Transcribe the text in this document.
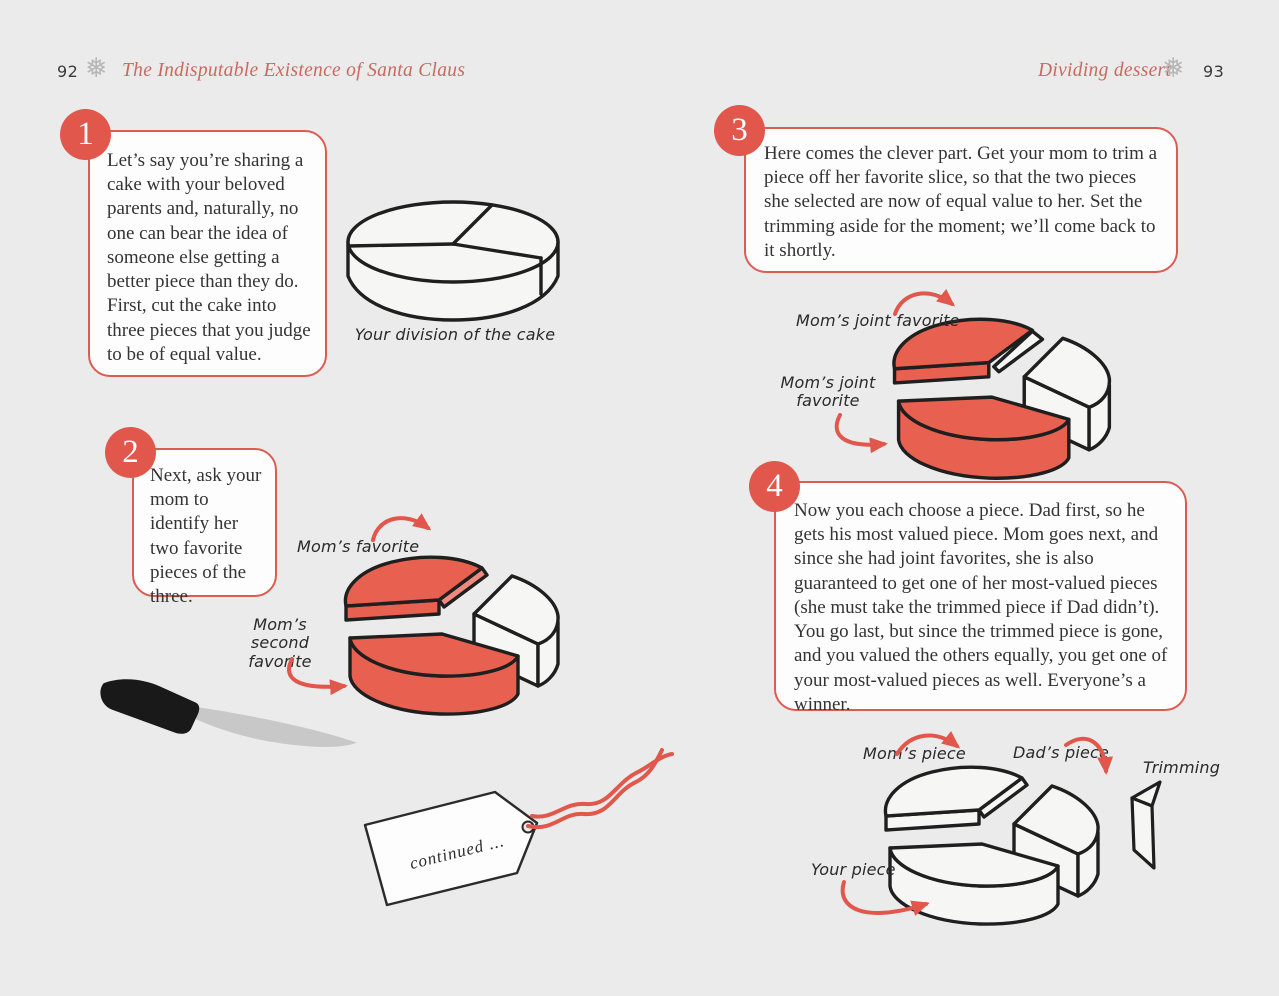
92 ❅ The Indisputable Existence of Santa Claus	Dividing dessert
❅ 93
1
Let’s say you’re sharing a cake with your beloved parents and, naturally, no one can bear the idea of someone else getting a better piece than they do. First, cut the cake into three pieces that you judge to be of equal value.
Your division of the cake
2
Next, ask your mom to identify her two favorite pieces of the three.
Mom’s favorite
Mom’s second favorite
continued ...
3
Here comes the clever part. Get your mom to trim a piece off her favorite slice, so that the two pieces she selected are now of equal value to her. Set the trimming aside for the moment; we’ll come back to it shortly.
Mom’s joint favorite
Mom’s joint favorite
4
Now you each choose a piece. Dad first, so he gets his most valued piece. Mom goes next, and since she had joint favorites, she is also guaranteed to get one of her most-valued pieces (she must take the trimmed piece if Dad didn’t). You go last, but since the trimmed piece is gone, and you valued the others equally, you get one of your most-valued pieces as well. Everyone’s a winner.
Mom’s piece	Dad’s piece
Trimming
Your piece
